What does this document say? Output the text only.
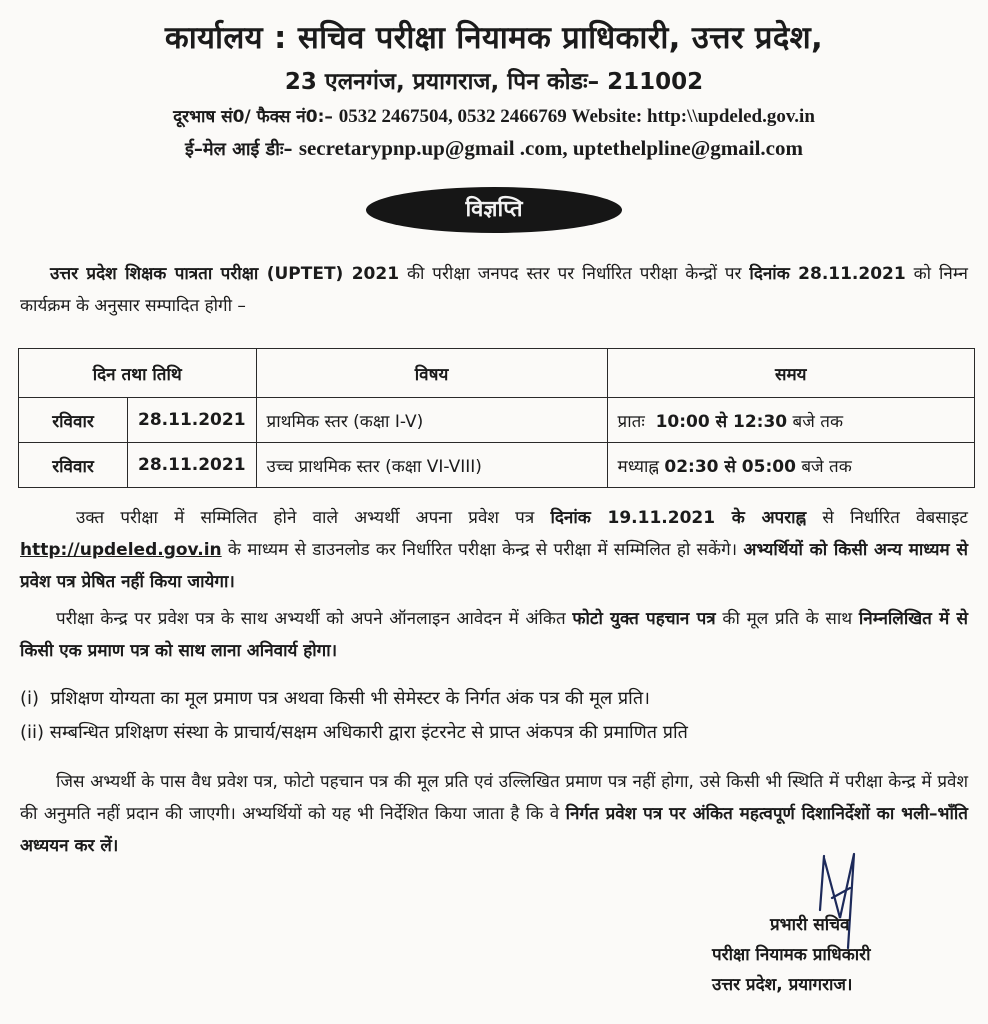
कार्यालय : सचिव परीक्षा नियामक प्राधिकारी, उत्तर प्रदेश,
23 एलनगंज, प्रयागराज, पिन कोडः– 211002
दूरभाष सं0/ फैक्स नं0:– 0532 2467504, 0532 2466769 Website: http:\\updeled.gov.in
ई–मेल आई डीः– secretarypnp.up@gmail .com, uptethelpline@gmail.com
विज्ञप्ति
उत्तर प्रदेश शिक्षक पात्रता परीक्षा (UPTET) 2021 की परीक्षा जनपद स्तर पर निर्धारित परीक्षा केन्द्रों पर दिनांक 28.11.2021 को निम्न कार्यक्रम के अनुसार सम्पादित होगी –
दिन तथा तिथि		विषय	समय
रविवार	28.11.2021	प्राथमिक स्तर (कक्षा I-V)	प्रातः 10:00 से 12:30 बजे तक
रविवार	28.11.2021	उच्च प्राथमिक स्तर (कक्षा VI-VIII)	मध्याह्न 02:30 से 05:00 बजे तक
उक्त परीक्षा में सम्मिलित होने वाले अभ्यर्थी अपना प्रवेश पत्र दिनांक 19.11.2021 के अपराह्न से निर्धारित वेबसाइट http://updeled.gov.in के माध्यम से डाउनलोड कर निर्धारित परीक्षा केन्द्र से परीक्षा में सम्मिलित हो सकेंगे। अभ्यर्थियों को किसी अन्य माध्यम से प्रवेश पत्र प्रेषित नहीं किया जायेगा।
परीक्षा केन्द्र पर प्रवेश पत्र के साथ अभ्यर्थी को अपने ऑनलाइन आवेदन में अंकित फोटो युक्त पहचान पत्र की मूल प्रति के साथ निम्नलिखित में से किसी एक प्रमाण पत्र को साथ लाना अनिवार्य होगा।
(i) प्रशिक्षण योग्यता का मूल प्रमाण पत्र अथवा किसी भी सेमेस्टर के निर्गत अंक पत्र की मूल प्रति।
(ii) सम्बन्धित प्रशिक्षण संस्था के प्राचार्य/सक्षम अधिकारी द्वारा इंटरनेट से प्राप्त अंकपत्र की प्रमाणित प्रति
जिस अभ्यर्थी के पास वैध प्रवेश पत्र, फोटो पहचान पत्र की मूल प्रति एवं उल्लिखित प्रमाण पत्र नहीं होगा, उसे किसी भी स्थिति में परीक्षा केन्द्र में प्रवेश की अनुमति नहीं प्रदान की जाएगी। अभ्यर्थियों को यह भी निर्देशित किया जाता है कि वे निर्गत प्रवेश पत्र पर अंकित महत्वपूर्ण दिशानिर्देशों का भली–भाँति अध्ययन कर लें।
प्रभारी सचिव
परीक्षा नियामक प्राधिकारी
उत्तर प्रदेश, प्रयागराज।
